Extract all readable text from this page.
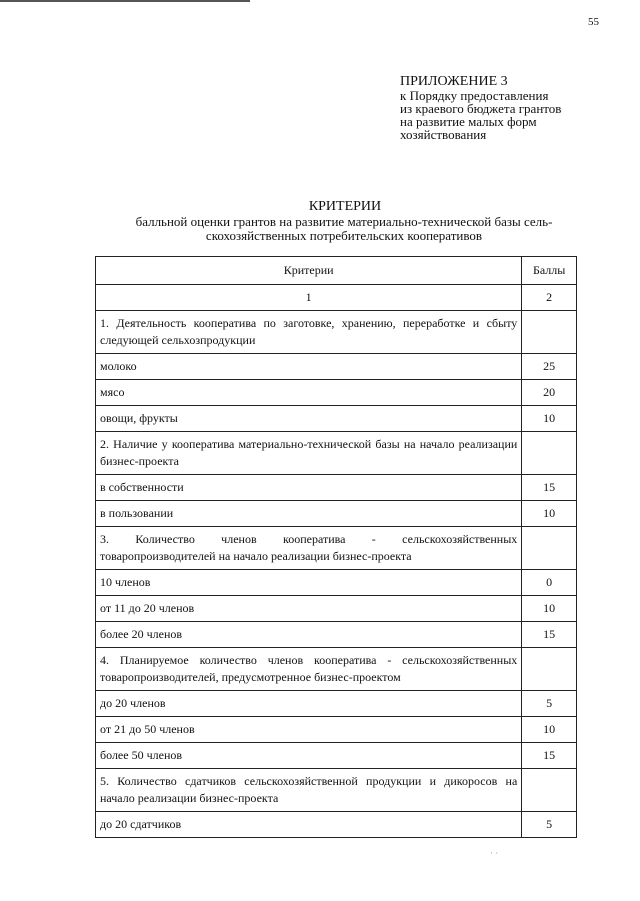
55
ПРИЛОЖЕНИЕ 3
к Порядку предоставления
из краевого бюджета грантов
на развитие малых форм
хозяйствования
КРИТЕРИИ
балльной оценки грантов на развитие материально-технической базы сель-
скохозяйственных потребительских кооперативов
Критерии	Баллы
1	2
1. Деятельность кооператива по заготовке, хранению, переработке и сбыту следующей сельхозпродукции	
молоко	25
мясо	20
овощи, фрукты	10
2. Наличие у кооператива материально-технической базы на начало реализации бизнес-проекта	
в собственности	15
в пользовании	10
3. Количество членов кооператива - сельскохозяйственных товаропроизводителей на начало реализации бизнес-проекта	
10 членов	0
от 11 до 20 членов	10
более 20 членов	15
4. Планируемое количество членов кооператива - сельскохозяйственных товаропроизводителей, предусмотренное бизнес-проектом	
до 20 членов	5
от 21 до 50 членов	10
более 50 членов	15
5. Количество сдатчиков сельскохозяйственной продукции и дикоросов на начало реализации бизнес-проекта	
до 20 сдатчиков	5
· ·
